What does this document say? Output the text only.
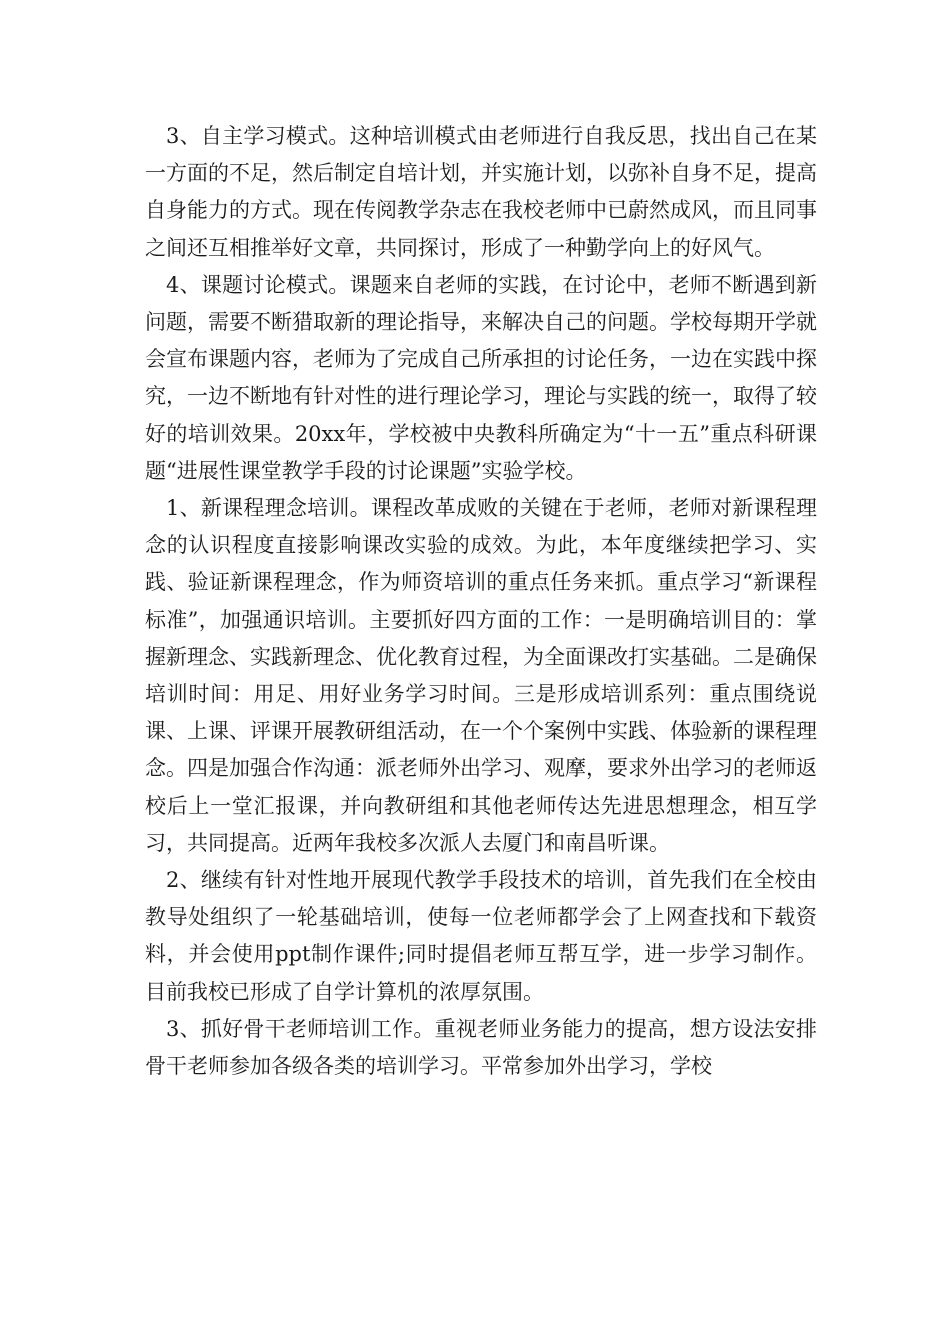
3、自主学习模式。这种培训模式由老师进行自我反思，找出自己在某一方面的不足，然后制定自培计划，并实施计划，以弥补自身不足，提高自身能力的方式。现在传阅教学杂志在我校老师中已蔚然成风，而且同事之间还互相推举好文章，共同探讨，形成了一种勤学向上的好风气。

4、课题讨论模式。课题来自老师的实践，在讨论中，老师不断遇到新问题，需要不断猎取新的理论指导，来解决自己的问题。学校每期开学就会宣布课题内容，老师为了完成自己所承担的讨论任务，一边在实践中探究，一边不断地有针对性的进行理论学习，理论与实践的统一，取得了较好的培训效果。20xx年，学校被中央教科所确定为“十一五”重点科研课题“进展性课堂教学手段的讨论课题”实验学校。

1、新课程理念培训。课程改革成败的关键在于老师，老师对新课程理念的认识程度直接影响课改实验的成效。为此，本年度继续把学习、实践、验证新课程理念，作为师资培训的重点任务来抓。重点学习“新课程标准”，加强通识培训。主要抓好四方面的工作：一是明确培训目的：掌握新理念、实践新理念、优化教育过程，为全面课改打实基础。二是确保培训时间：用足、用好业务学习时间。三是形成培训系列：重点围绕说课、上课、评课开展教研组活动，在一个个案例中实践、体验新的课程理念。四是加强合作沟通：派老师外出学习、观摩，要求外出学习的老师返校后上一堂汇报课，并向教研组和其他老师传达先进思想理念，相互学习，共同提高。近两年我校多次派人去厦门和南昌听课。

2、继续有针对性地开展现代教学手段技术的培训，首先我们在全校由教导处组织了一轮基础培训，使每一位老师都学会了上网查找和下载资料，并会使用ppt制作课件;同时提倡老师互帮互学，进一步学习制作。目前我校已形成了自学计算机的浓厚氛围。

3、抓好骨干老师培训工作。重视老师业务能力的提高，想方设法安排骨干老师参加各级各类的培训学习。平常参加外出学习，学校
